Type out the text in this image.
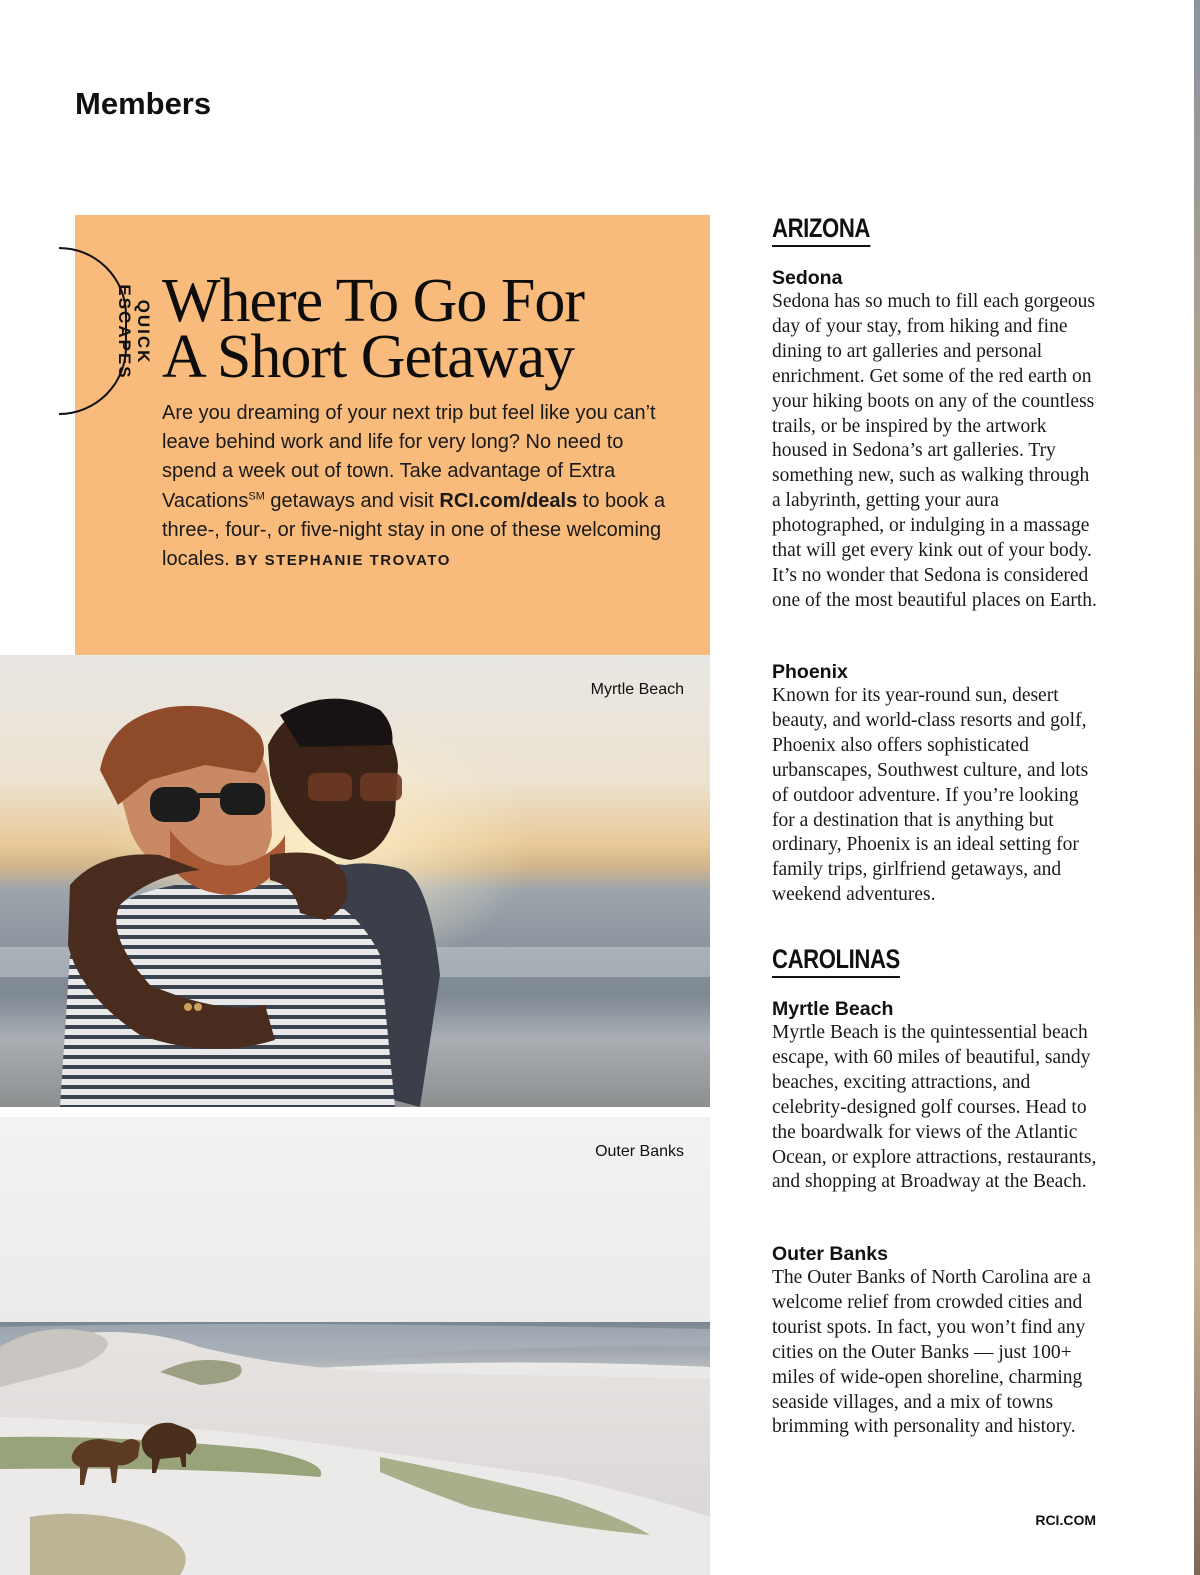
Members
QUICK
ESCAPES Where To Go For
A Short Getaway

Are you dreaming of your next trip but feel like you can’t leave behind work and life for very long? No need to spend a week out of town. Take advantage of Extra Vacations℠ getaways and visit RCI.com/deals to book a three-, four-, or five-night stay in one of these welcoming locales. BY STEPHANIE TROVATO

Myrtle Beach
Outer Banks
ARIZONA
Sedona

Sedona has so much to fill each gorgeous day of your stay, from hiking and fine dining to art galleries and personal enrichment. Get some of the red earth on your hiking boots on any of the countless trails, or be inspired by the artwork housed in Sedona’s art galleries. Try something new, such as walking through a labyrinth, getting your aura photographed, or indulging in a massage that will get every kink out of your body. It’s no wonder that Sedona is considered one of the most beautiful places on Earth.

Phoenix

Known for its year-round sun, desert beauty, and world-class resorts and golf, Phoenix also offers sophisticated urbanscapes, Southwest culture, and lots of outdoor adventure. If you’re looking for a destination that is anything but ordinary, Phoenix is an ideal setting for family trips, girlfriend getaways, and weekend adventures.

CAROLINAS
Myrtle Beach

Myrtle Beach is the quintessential beach escape, with 60 miles of beautiful, sandy beaches, exciting attractions, and celebrity-designed golf courses. Head to the boardwalk for views of the Atlantic Ocean, or explore attractions, restaurants, and shopping at Broadway at the Beach.

Outer Banks

The Outer Banks of North Carolina are a welcome relief from crowded cities and tourist spots. In fact, you won’t find any cities on the Outer Banks — just 100+ miles of wide-open shoreline, charming seaside villages, and a mix of towns brimming with personality and history.

RCI.COM
